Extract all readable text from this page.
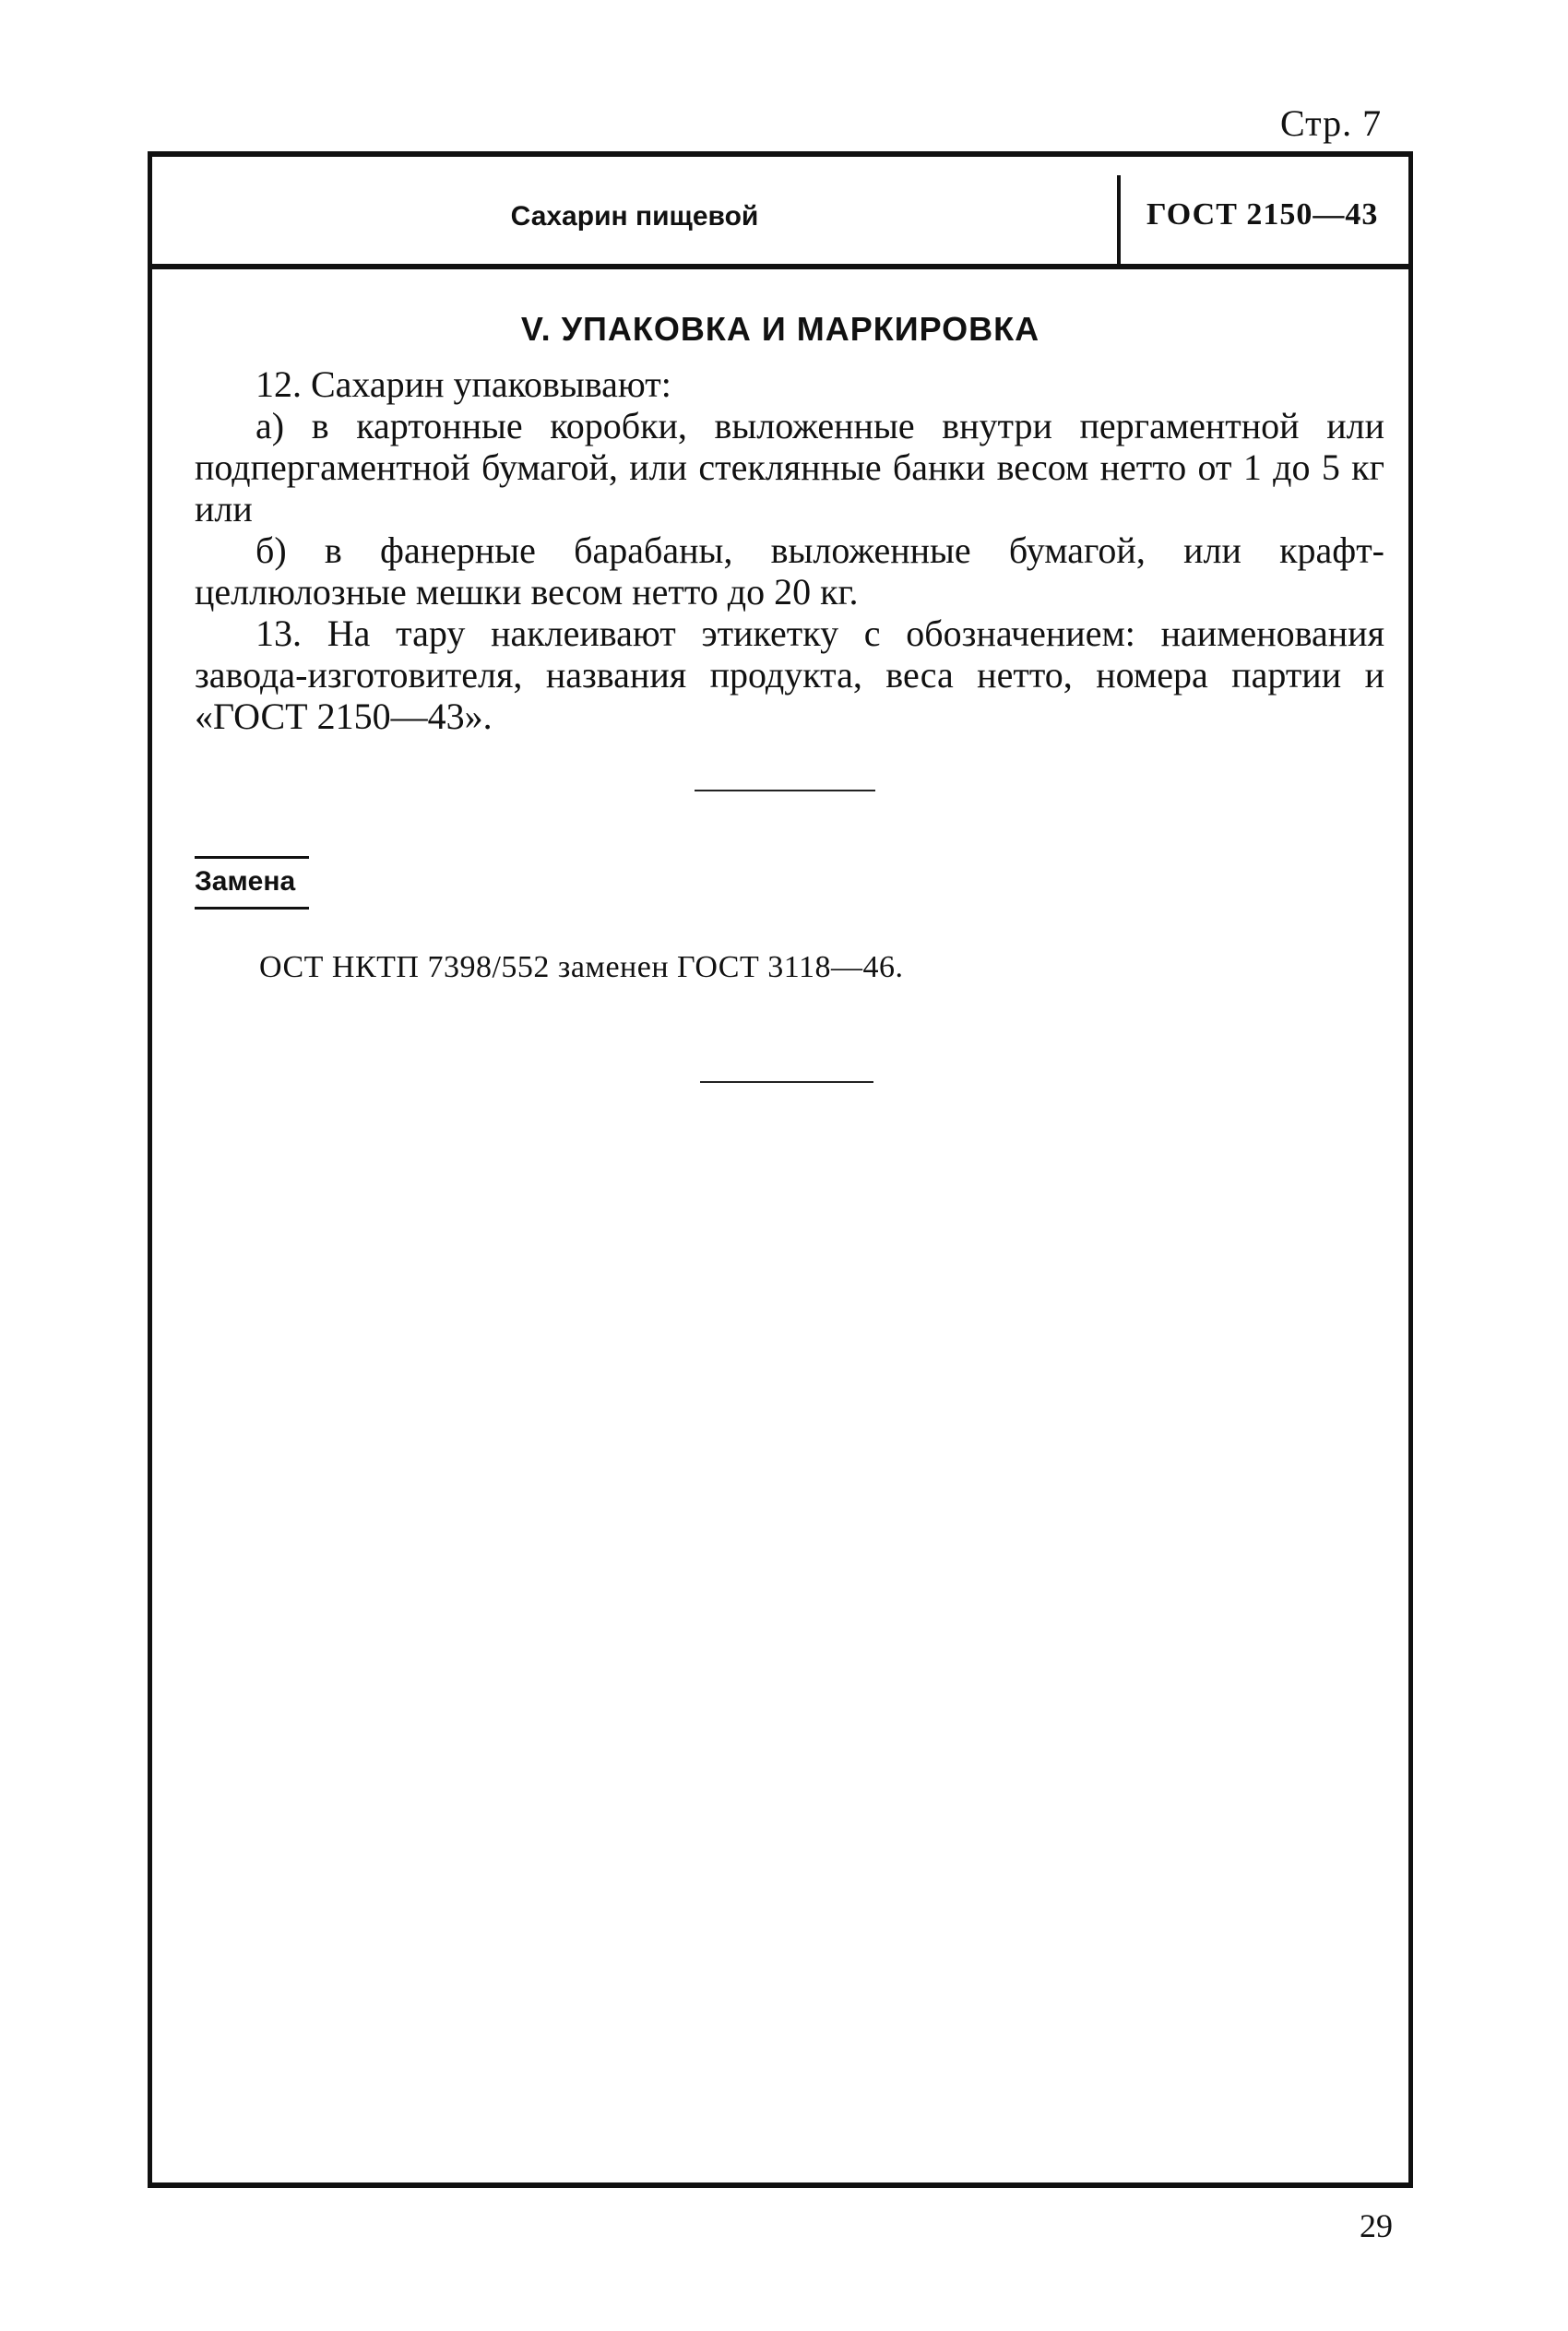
Стр. 7
Сахарин пищевой	ГОСТ 2150—43
V. УПАКОВКА И МАРКИРОВКА

12. Сахарин упаковывают:

а) в картонные коробки, выложенные внутри пергаментной или подпергаментной бумагой, или стеклянные банки весом нетто от 1 до 5 кг или

б) в фанерные барабаны, выложенные бумагой, или крафт-целлюлозные мешки весом нетто до 20 кг.

13. На тару наклеивают этикетку с обозначением: наименования завода-изготовителя, названия продукта, веса нетто, номера партии и «ГОСТ 2150—43».

Замена
ОСТ НКТП 7398/552 заменен ГОСТ 3118—46.
29
